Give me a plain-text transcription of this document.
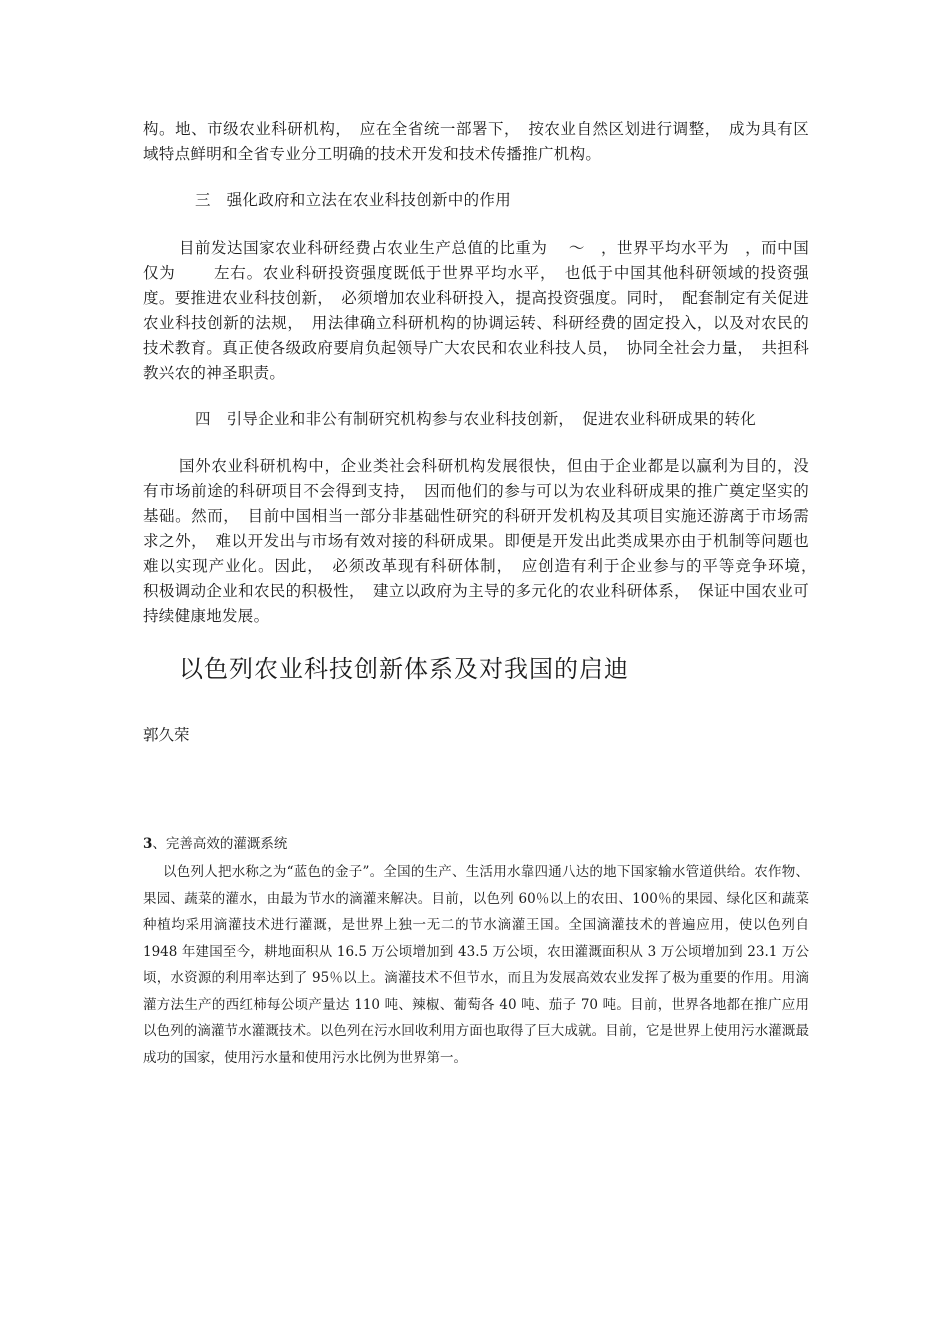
构。地、市级农业科研机构，　应在全省统一部署下，　按农业自然区划进行调整，　成为具有区域特点鲜明和全省专业分工明确的技术开发和技术传播推广机构。

三　强化政府和立法在农业科技创新中的作用

目前发达国家农业科研经费占农业生产总值的比重为　 ～　，世界平均水平为　，而中国仅为　　 左右。农业科研投资强度既低于世界平均水平，　也低于中国其他科研领域的投资强度。要推进农业科技创新，　必须增加农业科研投入，提高投资强度。同时，　配套制定有关促进农业科技创新的法规，　用法律确立科研机构的协调运转、科研经费的固定投入，以及对农民的技术教育。真正使各级政府要肩负起领导广大农民和农业科技人员，　协同全社会力量，　共担科教兴农的神圣职责。

四　引导企业和非公有制研究机构参与农业科技创新，　促进农业科研成果的转化

国外农业科研机构中，企业类社会科研机构发展很快，但由于企业都是以赢利为目的，没有市场前途的科研项目不会得到支持，　因而他们的参与可以为农业科研成果的推广奠定坚实的基础。然而，　目前中国相当一部分非基础性研究的科研开发机构及其项目实施还游离于市场需求之外，　难以开发出与市场有效对接的科研成果。即便是开发出此类成果亦由于机制等问题也难以实现产业化。因此，　必须改革现有科研体制，　应创造有利于企业参与的平等竞争环境，　积极调动企业和农民的积极性，　建立以政府为主导的多元化的农业科研体系，　保证中国农业可持续健康地发展。

以色列农业科技创新体系及对我国的启迪

郭久荣

3、完善高效的灌溉系统

以色列人把水称之为“蓝色的金子”。全国的生产、生活用水靠四通八达的地下国家输水管道供给。农作物、果园、蔬菜的灌水，由最为节水的滴灌来解决。目前，以色列 60％以上的农田、100％的果园、绿化区和蔬菜种植均采用滴灌技术进行灌溉，是世界上独一无二的节水滴灌王国。全国滴灌技术的普遍应用，使以色列自 1948 年建国至今，耕地面积从 16.5 万公顷增加到 43.5 万公顷，农田灌溉面积从 3 万公顷增加到 23.1 万公顷，水资源的利用率达到了 95％以上。滴灌技术不但节水，而且为发展高效农业发挥了极为重要的作用。用滴灌方法生产的西红柿每公顷产量达 110 吨、辣椒、葡萄各 40 吨、茄子 70 吨。目前，世界各地都在推广应用以色列的滴灌节水灌溉技术。以色列在污水回收利用方面也取得了巨大成就。目前，它是世界上使用污水灌溉最成功的国家，使用污水量和使用污水比例为世界第一。
